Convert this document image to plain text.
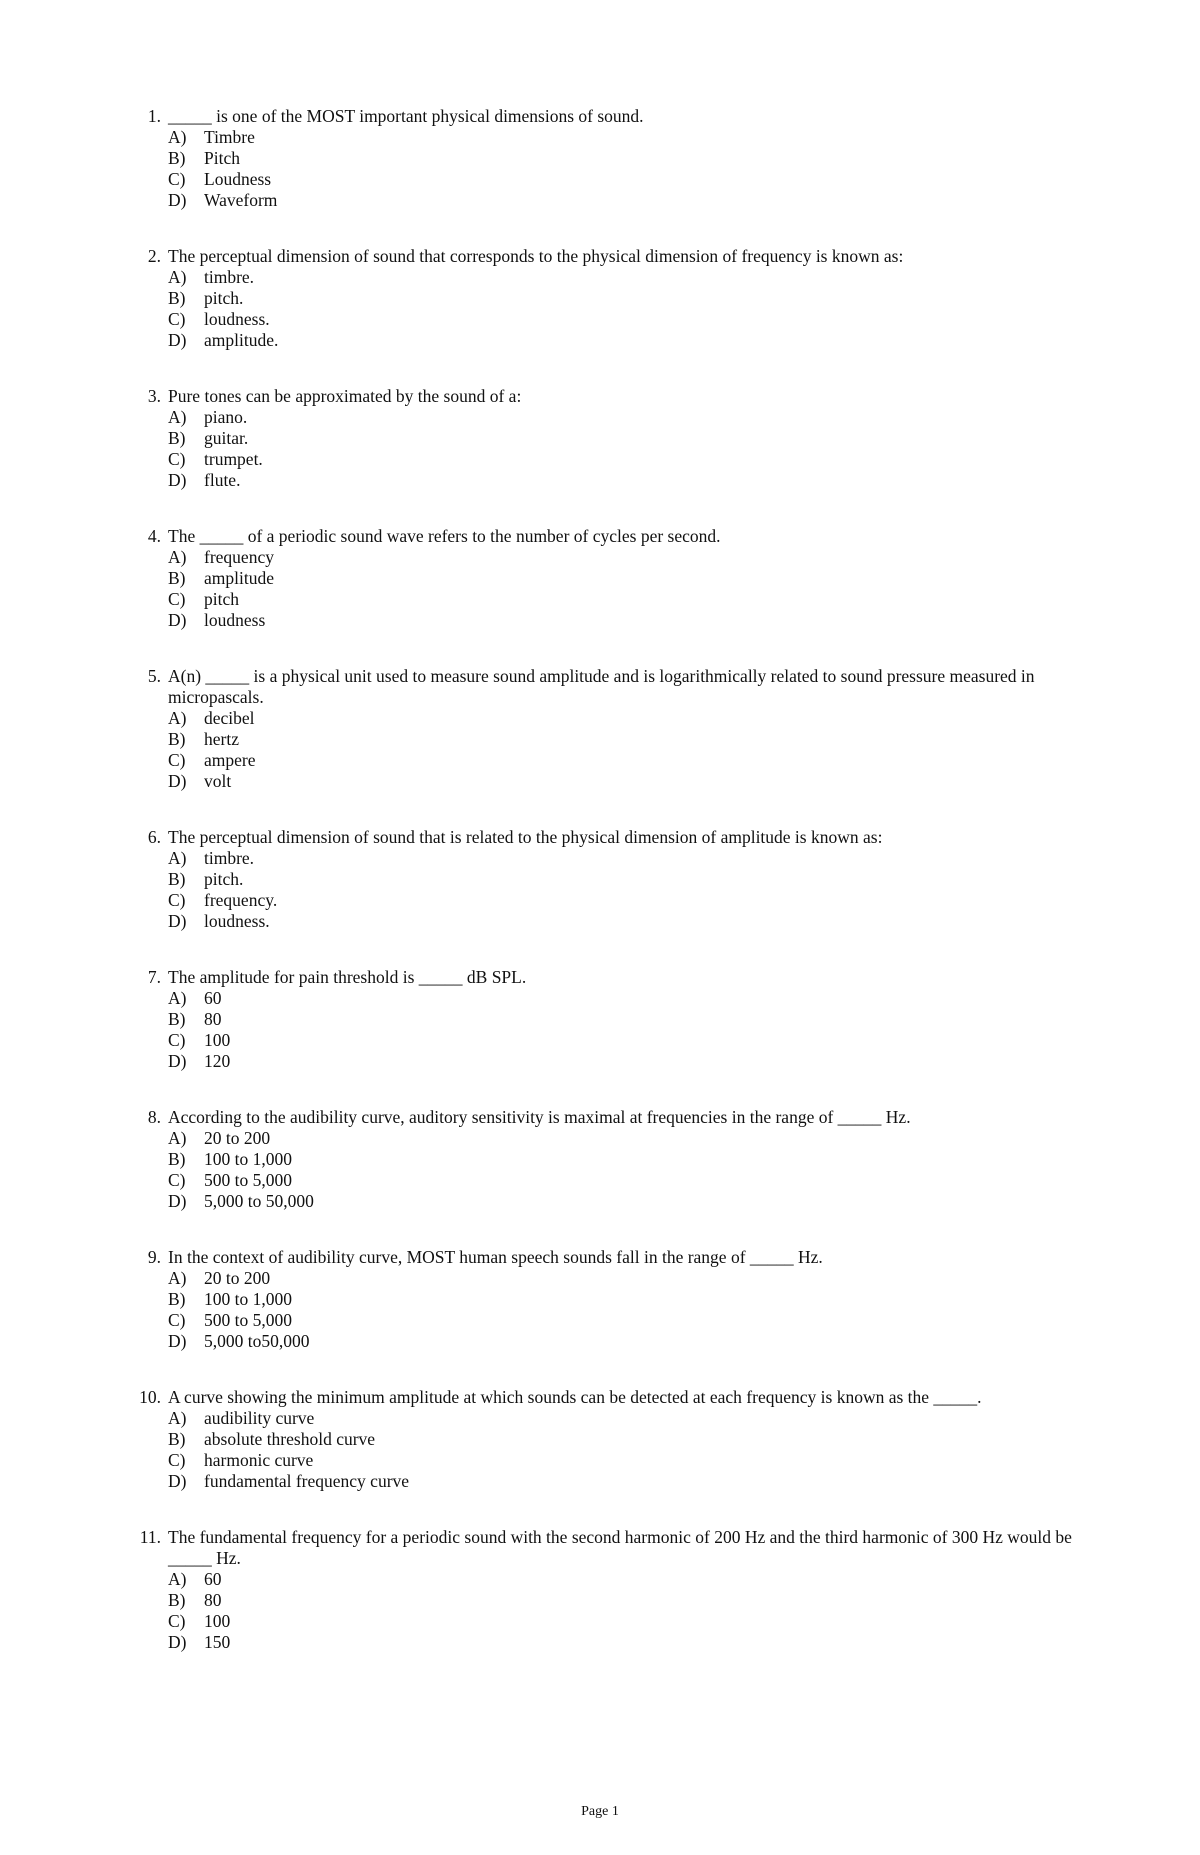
1. _____ is one of the MOST important physical dimensions of sound.
A)	Timbre
B)	Pitch
C)	Loudness
D)	Waveform
2. The perceptual dimension of sound that corresponds to the physical dimension of frequency is known as:
A)	timbre.
B)	pitch.
C)	loudness.
D)	amplitude.
3. Pure tones can be approximated by the sound of a:
A)	piano.
B)	guitar.
C)	trumpet.
D)	flute.
4. The _____ of a periodic sound wave refers to the number of cycles per second.
A)	frequency
B)	amplitude
C)	pitch
D)	loudness
5. A(n) _____ is a physical unit used to measure sound amplitude and is logarithmically related to sound pressure measured in micropascals.
A)	decibel
B)	hertz
C)	ampere
D)	volt
6. The perceptual dimension of sound that is related to the physical dimension of amplitude is known as:
A)	timbre.
B)	pitch.
C)	frequency.
D)	loudness.
7. The amplitude for pain threshold is _____ dB SPL.
A)	60
B)	80
C)	100
D)	120
8. According to the audibility curve, auditory sensitivity is maximal at frequencies in the range of _____ Hz.
A)	20 to 200
B)	100 to 1,000
C)	500 to 5,000
D)	5,000 to 50,000
9. In the context of audibility curve, MOST human speech sounds fall in the range of _____ Hz.
A)	20 to 200
B)	100 to 1,000
C)	500 to 5,000
D)	5,000 to50,000
10. A curve showing the minimum amplitude at which sounds can be detected at each frequency is known as the _____.
A)	audibility curve
B)	absolute threshold curve
C)	harmonic curve
D)	fundamental frequency curve
11. The fundamental frequency for a periodic sound with the second harmonic of 200 Hz and the third harmonic of 300 Hz would be _____ Hz.
A)	60
B)	80
C)	100
D)	150
Page 1
